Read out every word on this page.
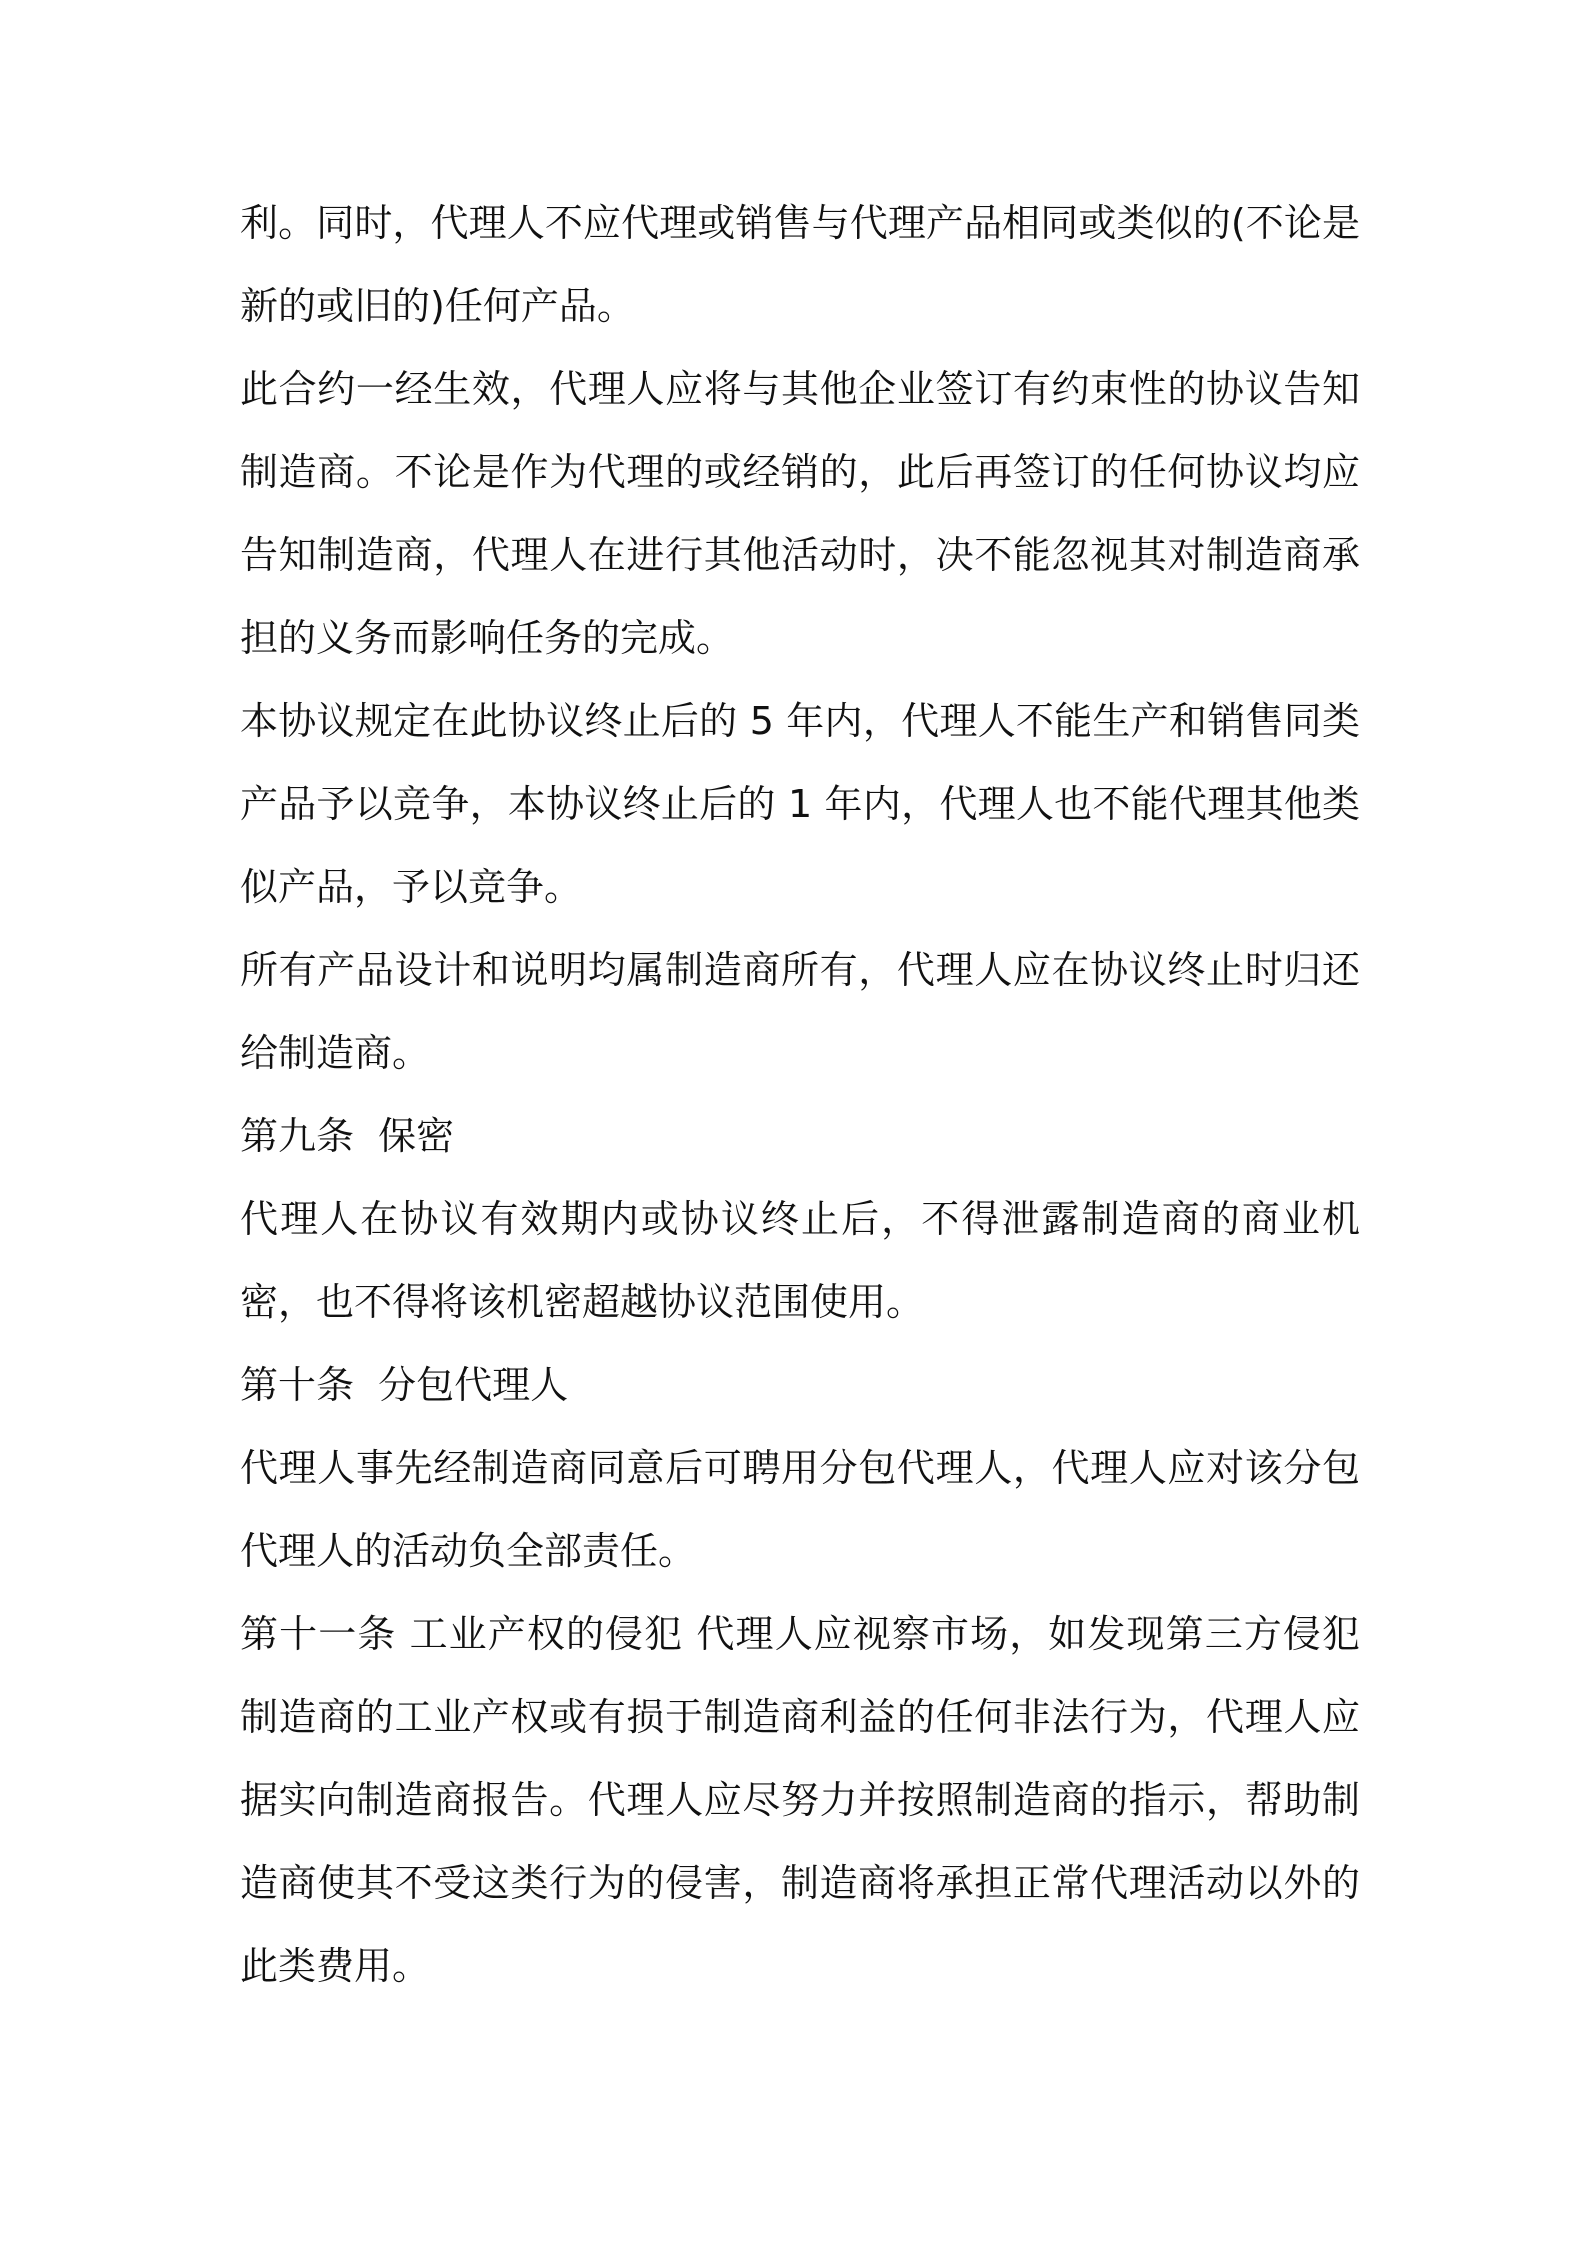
利。同时，代理人不应代理或销售与代理产品相同或类似的(不论是新的或旧的)任何产品。

此合约一经生效，代理人应将与其他企业签订有约束性的协议告知制造商。不论是作为代理的或经销的，此后再签订的任何协议均应告知制造商，代理人在进行其他活动时，决不能忽视其对制造商承担的义务而影响任务的完成。

本协议规定在此协议终止后的 5 年内，代理人不能生产和销售同类产品予以竞争，本协议终止后的 1 年内，代理人也不能代理其他类似产品，予以竞争。

所有产品设计和说明均属制造商所有，代理人应在协议终止时归还给制造商。

第九条  保密

代理人在协议有效期内或协议终止后，不得泄露制造商的商业机密，也不得将该机密超越协议范围使用。

第十条  分包代理人

代理人事先经制造商同意后可聘用分包代理人，代理人应对该分包代理人的活动负全部责任。

第十一条 工业产权的侵犯 代理人应视察市场，如发现第三方侵犯制造商的工业产权或有损于制造商利益的任何非法行为，代理人应据实向制造商报告。代理人应尽努力并按照制造商的指示，帮助制造商使其不受这类行为的侵害，制造商将承担正常代理活动以外的此类费用。
